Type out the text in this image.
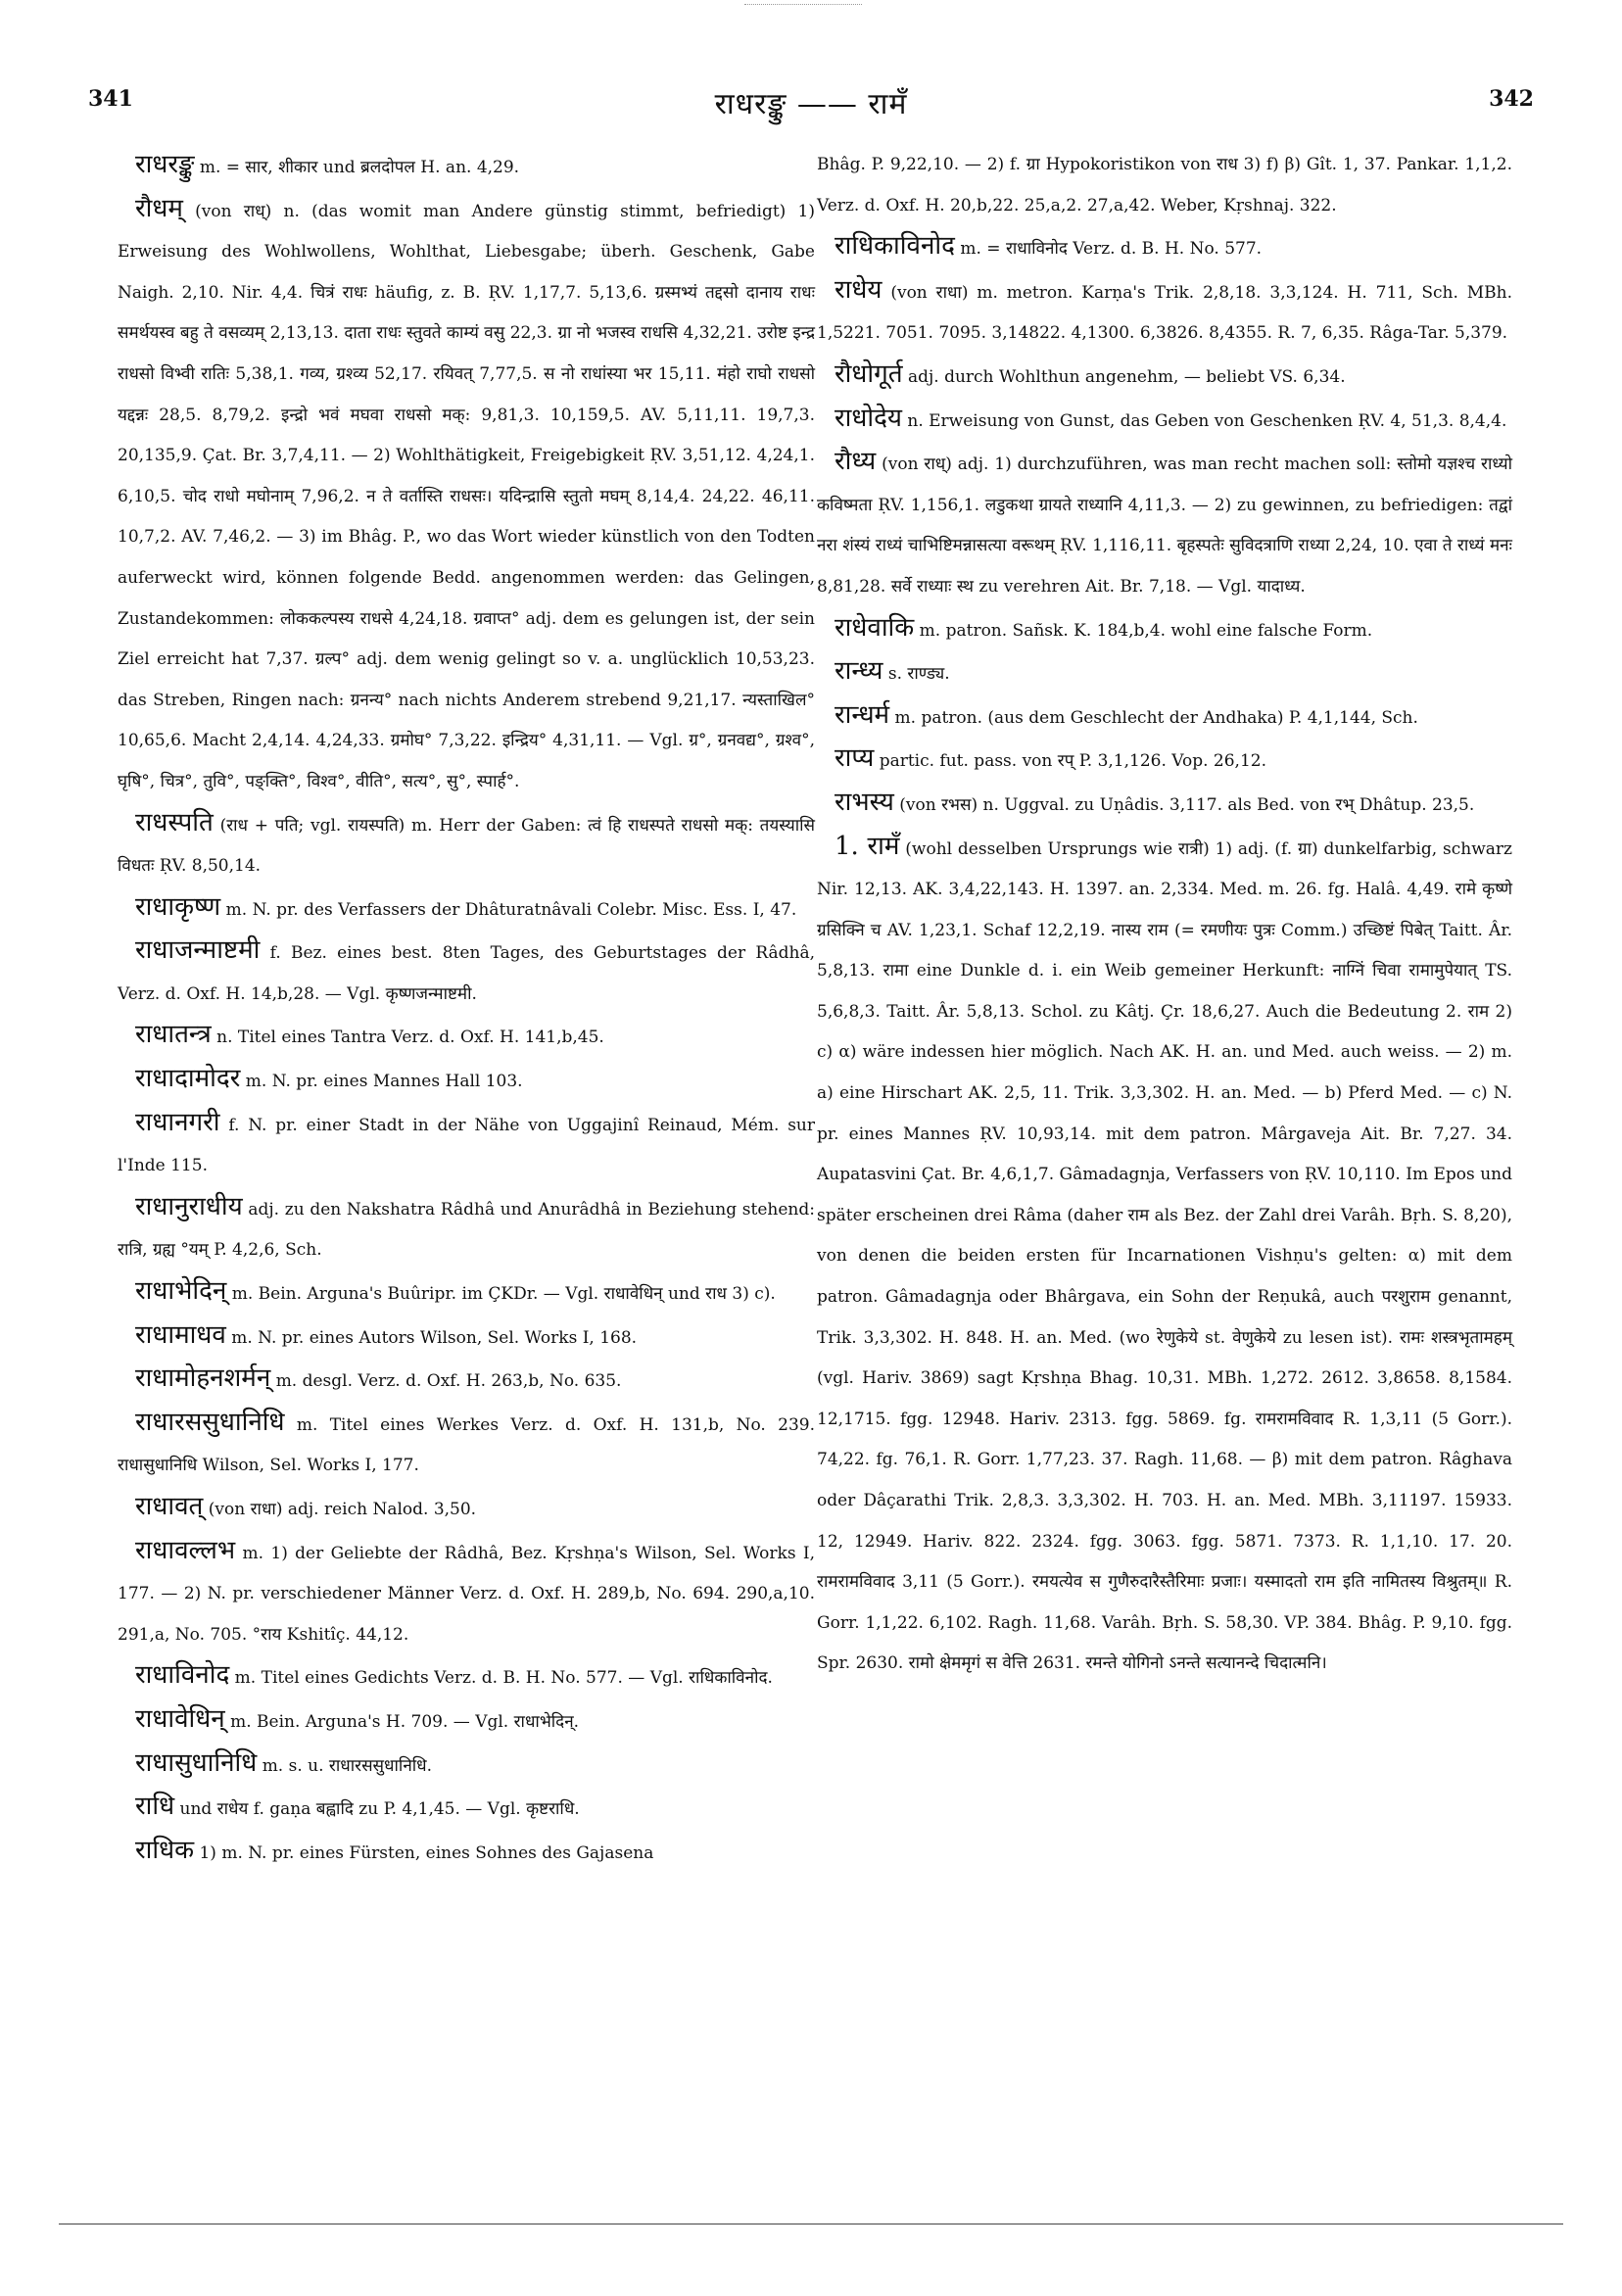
341	राधरङ्कु —— रामँ	342

राधरङ्कु m. = सार, शीकार und ब्रलदोपल H. an. 4,29.

रौधम् (von राध्) n. (das womit man Andere günstig stimmt, befriedigt) 1) Erweisung des Wohlwollens, Wohlthat, Liebesgabe; überh. Geschenk, Gabe Naigh. 2,10. Nir. 4,4. चित्रं राधः häufig, z. B. ṚV. 1,17,7. 5,13,6. ग्रस्मभ्यं तद्दसो दानाय राधः समर्थयस्व बहु ते वसव्यम् 2,13,13. दाता राधः स्तुवते काम्यं वसु 22,3. ग्रा नो भजस्व राधसि 4,32,21. उरोष्ट इन्द्र राधसो विभ्वी रातिः 5,38,1. गव्य, ग्रश्व्य 52,17. रयिवत् 7,77,5. स नो राधांस्या भर 15,11. मंहो राघो राधसो यद्दन्नः 28,5. 8,79,2. इन्द्रो भवं मघवा राधसो मक्: 9,81,3. 10,159,5. AV. 5,11,11. 19,7,3. 20,135,9. Çat. Br. 3,7,4,11. — 2) Wohlthätigkeit, Freigebigkeit ṚV. 3,51,12. 4,24,1. 6,10,5. चोद राधो मघोनाम् 7,96,2. न ते वर्तास्ति राधसः। यदिन्द्रासि स्तुतो मघम् 8,14,4. 24,22. 46,11. 10,7,2. AV. 7,46,2. — 3) im Bhâg. P., wo das Wort wieder künstlich von den Todten auferweckt wird, können folgende Bedd. angenommen werden: das Gelingen, Zustandekommen: लोककल्पस्य राधसे 4,24,18. ग्रवाप्त° adj. dem es gelungen ist, der sein Ziel erreicht hat 7,37. ग्रल्प° adj. dem wenig gelingt so v. a. unglücklich 10,53,23. das Streben, Ringen nach: ग्रनन्य° nach nichts Anderem strebend 9,21,17. न्यस्ताखिल° 10,65,6. Macht 2,4,14. 4,24,33. ग्रमोघ° 7,3,22. इन्द्रिय° 4,31,11. — Vgl. ग्र°, ग्रनवद्य°, ग्रश्व°, घृषि°, चित्र°, तुवि°, पङ्क्ति°, विश्व°, वीति°, सत्य°, सु°, स्पार्ह°.

राधस्पति (राध + पति; vgl. रायस्पति) m. Herr der Gaben: त्वं हि राधस्पते राधसो मक्: तयस्यासि विधतः ṚV. 8,50,14.

राधाकृष्ण m. N. pr. des Verfassers der Dhâturatnâvali Colebr. Misc. Ess. I, 47.

राधाजन्माष्टमी f. Bez. eines best. 8ten Tages, des Geburtstages der Râdhâ, Verz. d. Oxf. H. 14,b,28. — Vgl. कृष्णजन्माष्टमी.

राधातन्त्र n. Titel eines Tantra Verz. d. Oxf. H. 141,b,45.

राधादामोदर m. N. pr. eines Mannes Hall 103.

राधानगरी f. N. pr. einer Stadt in der Nähe von Uggajinî Reinaud, Mém. sur l'Inde 115.

राधानुराधीय adj. zu den Nakshatra Râdhâ und Anurâdhâ in Beziehung stehend: रात्रि, ग्रह्य °यम् P. 4,2,6, Sch.

राधाभेदिन् m. Bein. Arguna's Buûripr. im ÇKDr. — Vgl. राधावेधिन् und राध 3) c).

राधामाधव m. N. pr. eines Autors Wilson, Sel. Works I, 168.

राधामोहनशर्मन् m. desgl. Verz. d. Oxf. H. 263,b, No. 635.

राधारससुधानिधि m. Titel eines Werkes Verz. d. Oxf. H. 131,b, No. 239. राधासुधानिधि Wilson, Sel. Works I, 177.

राधावत् (von राधा) adj. reich Nalod. 3,50.

राधावल्लभ m. 1) der Geliebte der Râdhâ, Bez. Kṛshṇa's Wilson, Sel. Works I, 177. — 2) N. pr. verschiedener Männer Verz. d. Oxf. H. 289,b, No. 694. 290,a,10. 291,a, No. 705. °राय Kshitîç. 44,12.

राधाविनोद m. Titel eines Gedichts Verz. d. B. H. No. 577. — Vgl. राधिकाविनोद.

राधावेधिन् m. Bein. Arguna's H. 709. — Vgl. राधाभेदिन्.

राधासुधानिधि m. s. u. राधारससुधानिधि.

राधि und राधेय f. gaṇa बह्वादि zu P. 4,1,45. — Vgl. कृष्टराधि.

राधिक 1) m. N. pr. eines Fürsten, eines Sohnes des Gajasena

Bhâg. P. 9,22,10. — 2) f. ग्रा Hypokoristikon von राध 3) f) β) Gît. 1, 37. Pankar. 1,1,2. Verz. d. Oxf. H. 20,b,22. 25,a,2. 27,a,42. Weber, Kṛshnaj. 322.

राधिकाविनोद m. = राधाविनोद Verz. d. B. H. No. 577.

राधेय (von राधा) m. metron. Karṇa's Trik. 2,8,18. 3,3,124. H. 711, Sch. MBh. 1,5221. 7051. 7095. 3,14822. 4,1300. 6,3826. 8,4355. R. 7, 6,35. Râga-Tar. 5,379.

रौधोगूर्त adj. durch Wohlthun angenehm, — beliebt VS. 6,34.

राधोदेय n. Erweisung von Gunst, das Geben von Geschenken ṚV. 4, 51,3. 8,4,4.

रौध्य (von राध्) adj. 1) durchzuführen, was man recht machen soll: स्तोमो यज्ञश्च राध्यो कविष्मता ṚV. 1,156,1. लडुकथा ग्रायते राध्यानि 4,11,3. — 2) zu gewinnen, zu befriedigen: तद्वां नरा शंस्यं राध्यं चाभिष्टिमन्नासत्या वरूथम् ṚV. 1,116,11. बृहस्पतेः सुविदत्राणि राध्या 2,24, 10. एवा ते राध्यं मनः 8,81,28. सर्वे राध्याः स्थ zu verehren Ait. Br. 7,18. — Vgl. यादाध्य.

राधेवाकि m. patron. Sañsk. K. 184,b,4. wohl eine falsche Form.

रान्ध्य s. राण्ड्य.

रान्धर्म m. patron. (aus dem Geschlecht der Andhaka) P. 4,1,144, Sch.

राप्य partic. fut. pass. von रप् P. 3,1,126. Vop. 26,12.

राभस्य (von रभस) n. Uggval. zu Uṇâdis. 3,117. als Bed. von रभ् Dhâtup. 23,5.

1. रामँ (wohl desselben Ursprungs wie रात्री) 1) adj. (f. ग्रा) dunkelfarbig, schwarz Nir. 12,13. AK. 3,4,22,143. H. 1397. an. 2,334. Med. m. 26. fg. Halâ. 4,49. रामे कृष्णे ग्रसिक्नि च AV. 1,23,1. Schaf 12,2,19. नास्य राम (= रमणीयः पुत्रः Comm.) उच्छिष्टं पिबेत् Taitt. Âr. 5,8,13. रामा eine Dunkle d. i. ein Weib gemeiner Herkunft: नाग्निं चिवा रामामुपेयात् TS. 5,6,8,3. Taitt. Âr. 5,8,13. Schol. zu Kâtj. Çr. 18,6,27. Auch die Bedeutung 2. राम 2) c) α) wäre indessen hier möglich. Nach AK. H. an. und Med. auch weiss. — 2) m. a) eine Hirschart AK. 2,5, 11. Trik. 3,3,302. H. an. Med. — b) Pferd Med. — c) N. pr. eines Mannes ṚV. 10,93,14. mit dem patron. Mârgaveja Ait. Br. 7,27. 34. Aupatasvini Çat. Br. 4,6,1,7. Gâmadagnja, Verfassers von ṚV. 10,110. Im Epos und später erscheinen drei Râma (daher राम als Bez. der Zahl drei Varâh. Bṛh. S. 8,20), von denen die beiden ersten für Incarnationen Vishṇu's gelten: α) mit dem patron. Gâmadagnja oder Bhârgava, ein Sohn der Reṇukâ, auch परशुराम genannt, Trik. 3,3,302. H. 848. H. an. Med. (wo रेणुकेये st. वेणुकेये zu lesen ist). रामः शस्त्रभृतामहम् (vgl. Hariv. 3869) sagt Kṛshṇa Bhag. 10,31. MBh. 1,272. 2612. 3,8658. 8,1584. 12,1715. fgg. 12948. Hariv. 2313. fgg. 5869. fg. रामरामविवाद R. 1,3,11 (5 Gorr.). 74,22. fg. 76,1. R. Gorr. 1,77,23. 37. Ragh. 11,68. — β) mit dem patron. Râghava oder Dâçarathi Trik. 2,8,3. 3,3,302. H. 703. H. an. Med. MBh. 3,11197. 15933. 12, 12949. Hariv. 822. 2324. fgg. 3063. fgg. 5871. 7373. R. 1,1,10. 17. 20. रामरामविवाद 3,11 (5 Gorr.). रमयत्येव स गुणैरुदारैस्तैरिमाः प्रजाः। यस्मादतो राम इति नामितस्य विश्रुतम्॥ R. Gorr. 1,1,22. 6,102. Ragh. 11,68. Varâh. Bṛh. S. 58,30. VP. 384. Bhâg. P. 9,10. fgg. Spr. 2630. रामो क्षेममृगं स वेत्ति 2631. रमन्ते योगिनो ऽनन्ते सत्यानन्दे चिदात्मनि।
